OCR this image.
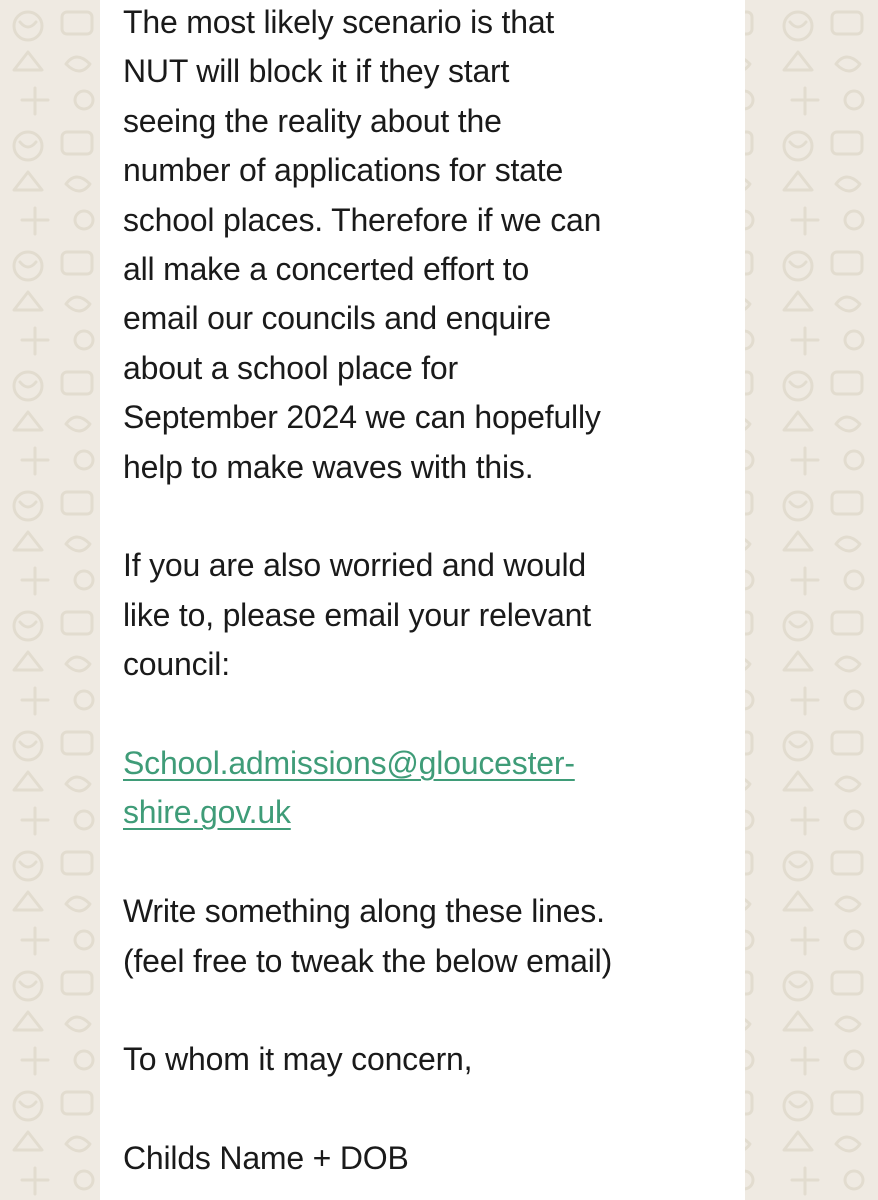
The most likely scenario is that
NUT will block it if they start
seeing the reality about the
number of applications for state
school places. Therefore if we can
all make a concerted effort to
email our councils and enquire
about a school place for
September 2024 we can hopefully
help to make waves with this.
If you are also worried and would
like to, please email your relevant
council:
School.admissions@gloucester-
shire.gov.uk
Write something along these lines.
(feel free to tweak the below email)
To whom it may concern,
Childs Name + DOB
